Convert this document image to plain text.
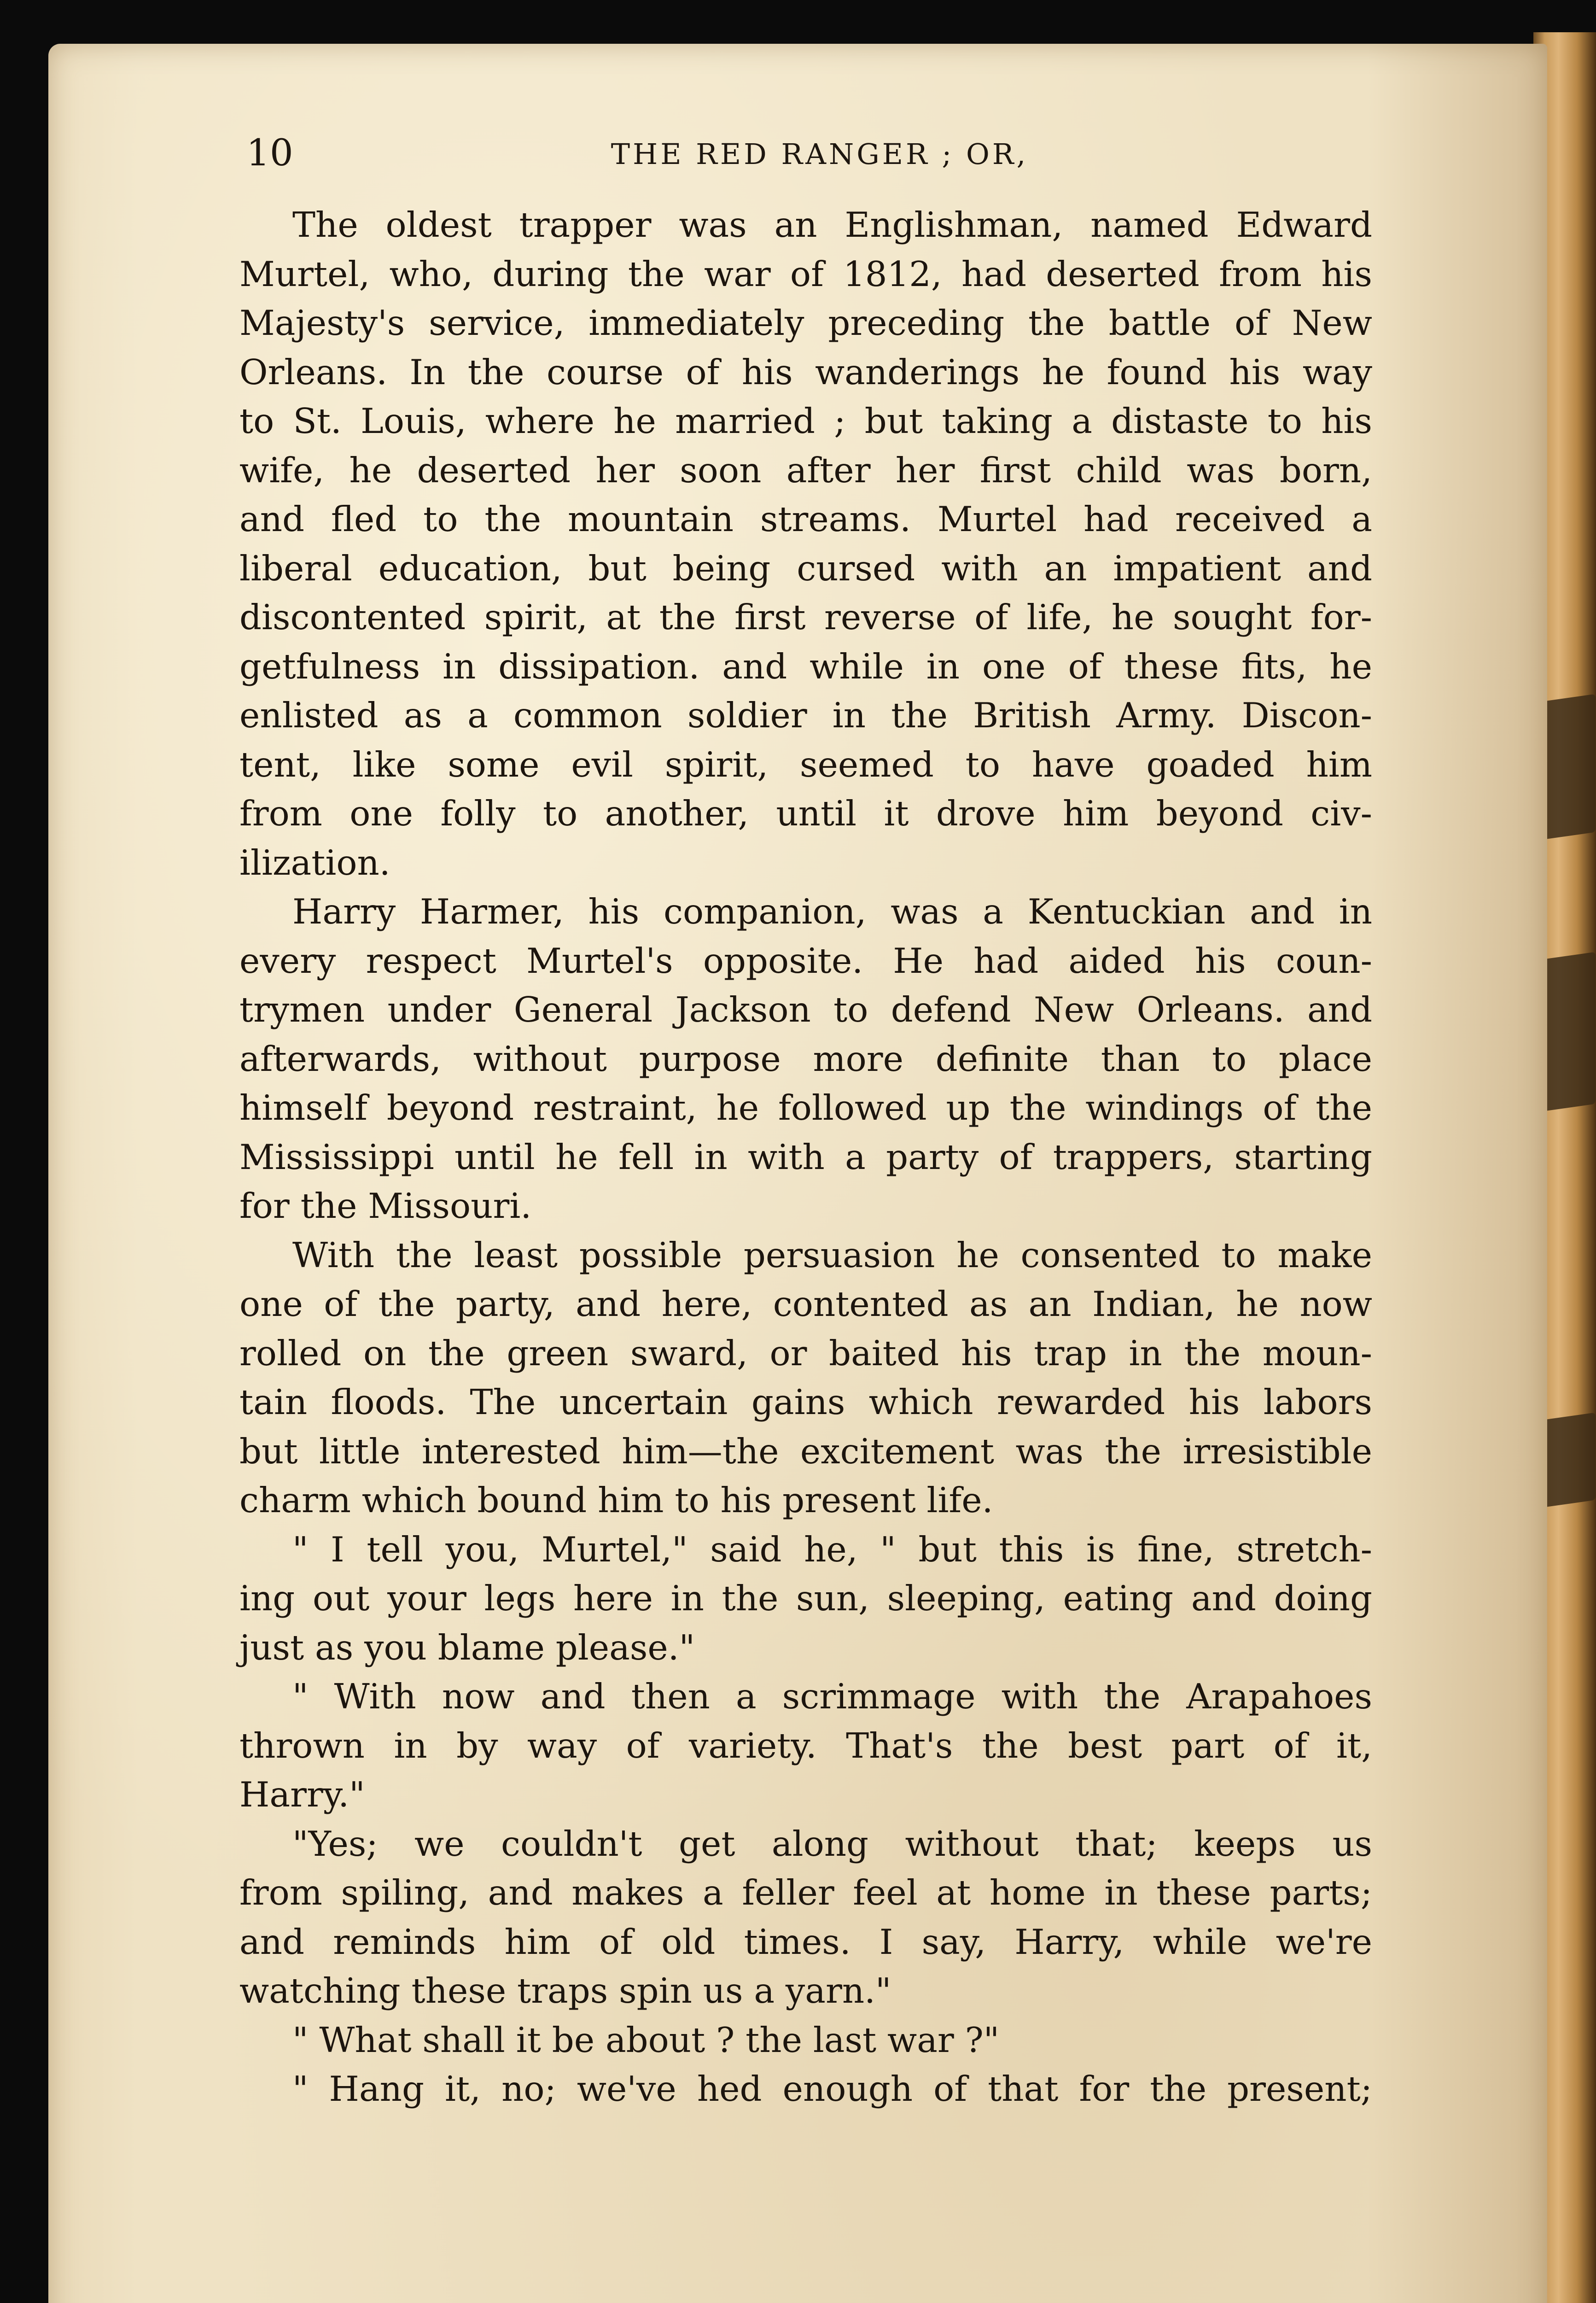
10	THE RED RANGER ; OR,
The oldest trapper was an Englishman, named Edward
Murtel, who, during the war of 1812, had deserted from his
Majesty's service, immediately preceding the battle of New
Orleans. In the course of his wanderings he found his way
to St. Louis, where he married ; but taking a distaste to his
wife, he deserted her soon after her first child was born,
and fled to the mountain streams. Murtel had received a
liberal education, but being cursed with an impatient and
discontented spirit, at the first reverse of life, he sought for-
getfulness in dissipation. and while in one of these fits, he
enlisted as a common soldier in the British Army. Discon-
tent, like some evil spirit, seemed to have goaded him
from one folly to another, until it drove him beyond civ-
ilization.
Harry Harmer, his companion, was a Kentuckian and in
every respect Murtel's opposite. He had aided his coun-
trymen under General Jackson to defend New Orleans. and
afterwards, without purpose more definite than to place
himself beyond restraint, he followed up the windings of the
Mississippi until he fell in with a party of trappers, starting
for the Missouri.
With the least possible persuasion he consented to make
one of the party, and here, contented as an Indian, he now
rolled on the green sward, or baited his trap in the moun-
tain floods. The uncertain gains which rewarded his labors
but little interested him—the excitement was the irresistible
charm which bound him to his present life.
" I tell you, Murtel," said he, " but this is fine, stretch-
ing out your legs here in the sun, sleeping, eating and doing
just as you blame please."
" With now and then a scrimmage with the Arapahoes
thrown in by way of variety. That's the best part of it,
Harry."
"Yes; we couldn't get along without that; keeps us
from spiling, and makes a feller feel at home in these parts;
and reminds him of old times. I say, Harry, while we're
watching these traps spin us a yarn."
" What shall it be about ? the last war ?"
" Hang it, no; we've hed enough of that for the present;
